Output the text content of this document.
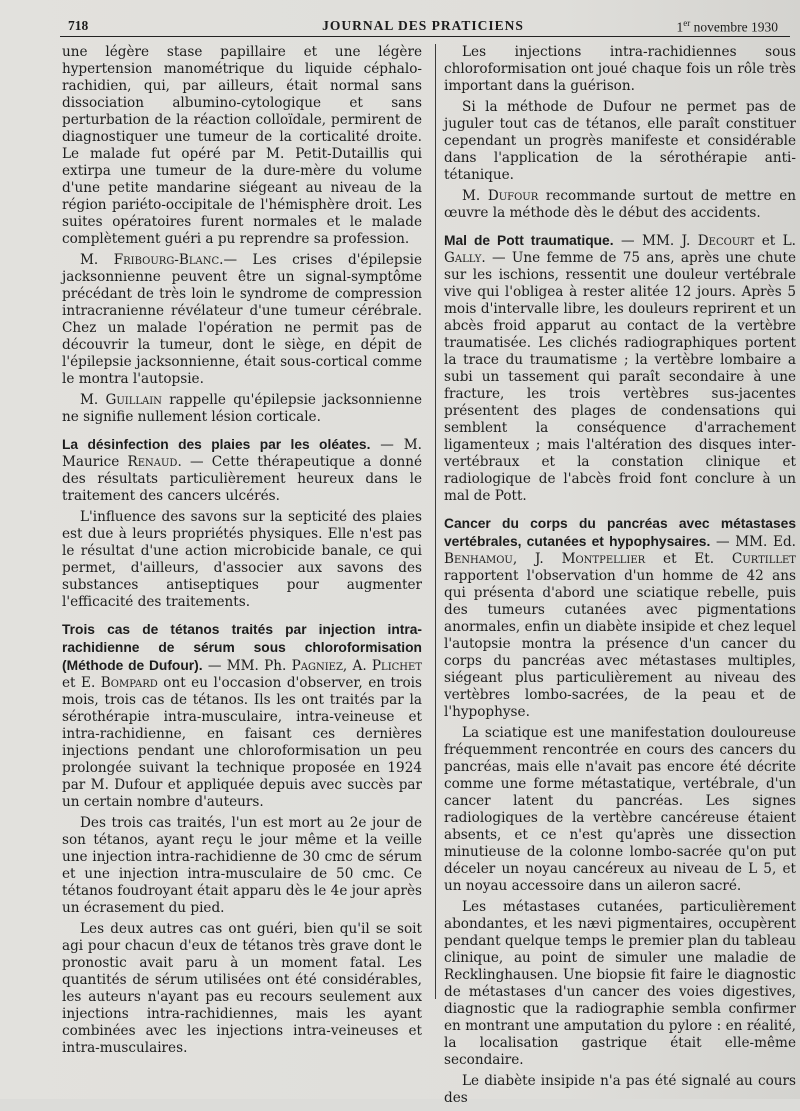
718	JOURNAL DES PRATICIENS	1er novembre 1930

une légère stase papillaire et une légère hypertension manométrique du liquide céphalo-rachidien, qui, par ailleurs, était normal sans dissociation albumino-cytologique et sans perturbation de la réaction colloïdale, permirent de diagnostiquer une tumeur de la corticalité droite. Le malade fut opéré par M. Petit-Dutaillis qui extirpa une tumeur de la dure-mère du volume d'une petite mandarine siégeant au niveau de la région pariéto-occipitale de l'hémisphère droit. Les suites opératoires furent normales et le malade complètement guéri a pu reprendre sa profession.

M. Fribourg-Blanc.— Les crises d'épilepsie jacksonnienne peuvent être un signal-symptôme précédant de très loin le syndrome de compression intracranienne révélateur d'une tumeur cérébrale. Chez un malade l'opération ne permit pas de découvrir la tumeur, dont le siège, en dépit de l'épilepsie jacksonnienne, était sous-cortical comme le montra l'autopsie.

M. Guillain rappelle qu'épilepsie jacksonnienne ne signifie nullement lésion corticale.

La désinfection des plaies par les oléates. — M. Maurice Renaud. — Cette thérapeutique a donné des résultats particulièrement heureux dans le traitement des cancers ulcérés.

L'influence des savons sur la septicité des plaies est due à leurs propriétés physiques. Elle n'est pas le résultat d'une action microbicide banale, ce qui permet, d'ailleurs, d'associer aux savons des substances antiseptiques pour augmenter l'efficacité des traitements.

Trois cas de tétanos traités par injection intra-rachidienne de sérum sous chloroformisation (Méthode de Dufour). — MM. Ph. Pagniez, A. Plichet et E. Bompard ont eu l'occasion d'observer, en trois mois, trois cas de tétanos. Ils les ont traités par la sérothérapie intra-musculaire, intra-veineuse et intra-rachidienne, en faisant ces dernières injections pendant une chloroformisation un peu prolongée suivant la technique proposée en 1924 par M. Dufour et appliquée depuis avec succès par un certain nombre d'auteurs.

Des trois cas traités, l'un est mort au 2e jour de son tétanos, ayant reçu le jour même et la veille une injection intra-rachidienne de 30 cmc de sérum et une injection intra-musculaire de 50 cmc. Ce tétanos foudroyant était apparu dès le 4e jour après un écrasement du pied.

Les deux autres cas ont guéri, bien qu'il se soit agi pour chacun d'eux de tétanos très grave dont le pronostic avait paru à un moment fatal. Les quantités de sérum utilisées ont été considérables, les auteurs n'ayant pas eu recours seulement aux injections intra-rachidiennes, mais les ayant combinées avec les injections intra-veineuses et intra-musculaires.

Les injections intra-rachidiennes sous chloroformisation ont joué chaque fois un rôle très important dans la guérison.

Si la méthode de Dufour ne permet pas de juguler tout cas de tétanos, elle paraît constituer cependant un progrès manifeste et considérable dans l'application de la sérothérapie anti-tétanique.

M. Dufour recommande surtout de mettre en œuvre la méthode dès le début des accidents.

Mal de Pott traumatique. — MM. J. Decourt et L. Gally. — Une femme de 75 ans, après une chute sur les ischions, ressentit une douleur vertébrale vive qui l'obligea à rester alitée 12 jours. Après 5 mois d'intervalle libre, les douleurs reprirent et un abcès froid apparut au contact de la vertèbre traumatisée. Les clichés radiographiques portent la trace du traumatisme ; la vertèbre lombaire a subi un tassement qui paraît secondaire à une fracture, les trois vertèbres sus-jacentes présentent des plages de condensations qui semblent la conséquence d'arrachement ligamenteux ; mais l'altération des disques inter-vertébraux et la constation clinique et radiologique de l'abcès froid font conclure à un mal de Pott.

Cancer du corps du pancréas avec métastases vertébrales, cutanées et hypophysaires. — MM. Ed. Benhamou, J. Montpellier et Et. Curtillet rapportent l'observation d'un homme de 42 ans qui présenta d'abord une sciatique rebelle, puis des tumeurs cutanées avec pigmentations anormales, enfin un diabète insipide et chez lequel l'autopsie montra la présence d'un cancer du corps du pancréas avec métastases multiples, siégeant plus particulièrement au niveau des vertèbres lombo-sacrées, de la peau et de l'hypophyse.

La sciatique est une manifestation douloureuse fréquemment rencontrée en cours des cancers du pancréas, mais elle n'avait pas encore été décrite comme une forme métastatique, vertébrale, d'un cancer latent du pancréas. Les signes radiologiques de la vertèbre cancéreuse étaient absents, et ce n'est qu'après une dissection minutieuse de la colonne lombo-sacrée qu'on put déceler un noyau cancéreux au niveau de L 5, et un noyau accessoire dans un aileron sacré.

Les métastases cutanées, particulièrement abondantes, et les nævi pigmentaires, occupèrent pendant quelque temps le premier plan du tableau clinique, au point de simuler une maladie de Recklinghausen. Une biopsie fit faire le diagnostic de métastases d'un cancer des voies digestives, diagnostic que la radiographie sembla confirmer en montrant une amputation du pylore : en réalité, la localisation gastrique était elle-même secondaire.

Le diabète insipide n'a pas été signalé au cours des
